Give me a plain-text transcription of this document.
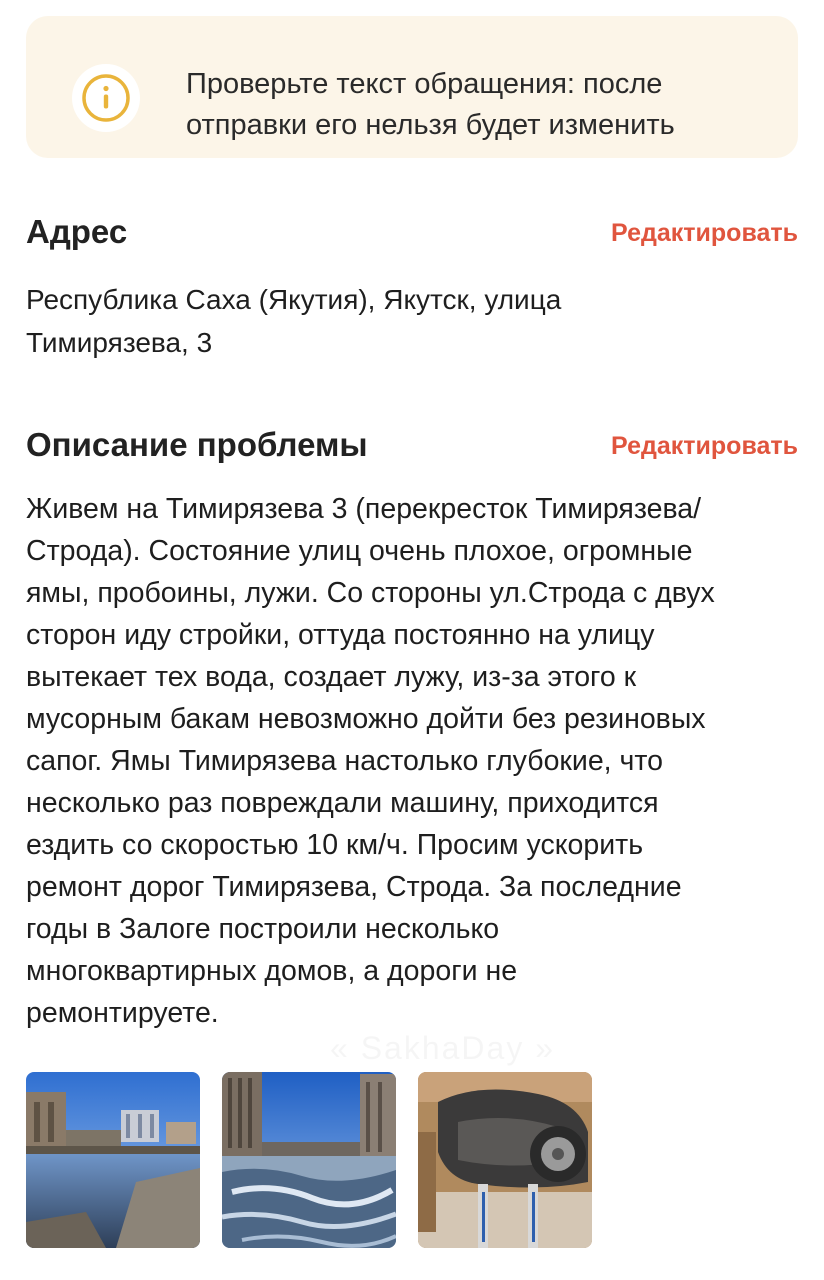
Проверьте текст обращения: после
отправки его нельзя будет изменить
Адрес	Редактировать
Республика Саха (Якутия), Якутск, улица
Тимирязева, 3
Описание проблемы	Редактировать
Живем на Тимирязева 3 (перекресток Тимирязева/
Строда). Состояние улиц очень плохое, огромные
ямы, пробоины, лужи. Со стороны ул.Строда с двух
сторон иду стройки, оттуда постоянно на улицу
вытекает тех вода, создает лужу, из-за этого к
мусорным бакам невозможно дойти без резиновых
сапог. Ямы Тимирязева настолько глубокие, что
несколько раз повреждали машину, приходится
ездить со скоростью 10 км/ч. Просим ускорить
ремонт дорог Тимирязева, Строда. За последние
годы в Залоге построили несколько
многоквартирных домов, а дороги не
ремонтируете.
